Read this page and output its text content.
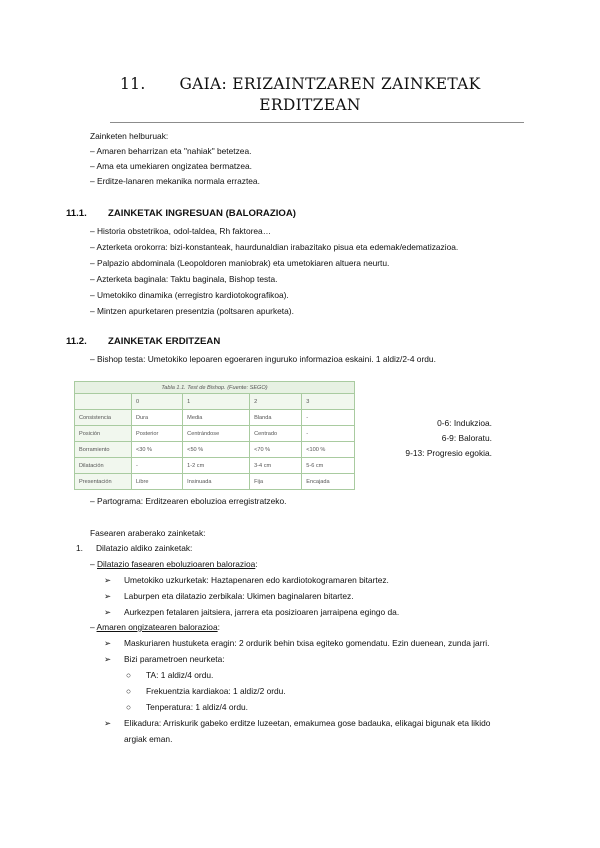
11.	GAIA: ERIZAINTZAREN ZAINKETAK
ERDITZEAN
Zainketen helburuak:
– Amaren beharrizan eta "nahiak" betetzea.
– Ama eta umekiaren ongizatea bermatzea.
– Erditze-lanaren mekanika normala erraztea.
11.1. ZAINKETAK INGRESUAN (BALORAZIOA)
– Historia obstetrikoa, odol-taldea, Rh faktorea…
– Azterketa orokorra: bizi-konstanteak, haurdunaldian irabazitako pisua eta edemak/edematizazioa.
– Palpazio abdominala (Leopoldoren maniobrak) eta umetokiaren altuera neurtu.
– Azterketa baginala: Taktu baginala, Bishop testa.
– Umetokiko dinamika (erregistro kardiotokografikoa).
– Mintzen apurketaren presentzia (poltsaren apurketa).
11.2. ZAINKETAK ERDITZEAN
– Bishop testa: Umetokiko lepoaren egoeraren inguruko informazioa eskaini. 1 aldiz/2-4 ordu.
Tabla 1.1. Test de Bishop. (Fuente: SEGO)
	0	1	2	3
Consistencia	Dura	Media	Blanda	-
Posición	Posterior	Centrándose	Centrado	-
Borramiento	<30 %	<50 %	<70 %	<100 %
Dilatación	-	1-2 cm	3-4 cm	5-6 cm
Presentación	Libre	Insinuada	Fija	Encajada
0-6: Indukzioa.
6-9: Baloratu.
9-13: Progresio egokia.
– Partograma: Erditzearen eboluzioa erregistratzeko.
Fasearen araberako zainketak:
1. Dilatazio aldiko zainketak:
– Dilatazio fasearen eboluzioaren balorazioa:
➢ Umetokiko uzkurketak: Haztapenaren edo kardiotokogramaren bitartez.
➢ Laburpen eta dilatazio zerbikala: Ukimen baginalaren bitartez.
➢ Aurkezpen fetalaren jaitsiera, jarrera eta posizioaren jarraipena egingo da.
– Amaren ongizatearen balorazioa:
➢ Maskuriaren hustuketa eragin: 2 ordurik behin txisa egiteko gomendatu. Ezin duenean, zunda jarri.
➢ Bizi parametroen neurketa:
○ TA: 1 aldiz/4 ordu.
○ Frekuentzia kardiakoa: 1 aldiz/2 ordu.
○ Tenperatura: 1 aldiz/4 ordu.
➢ Elikadura: Arriskurik gabeko erditze luzeetan, emakumea gose badauka, elikagai bigunak eta likido
argiak eman.
